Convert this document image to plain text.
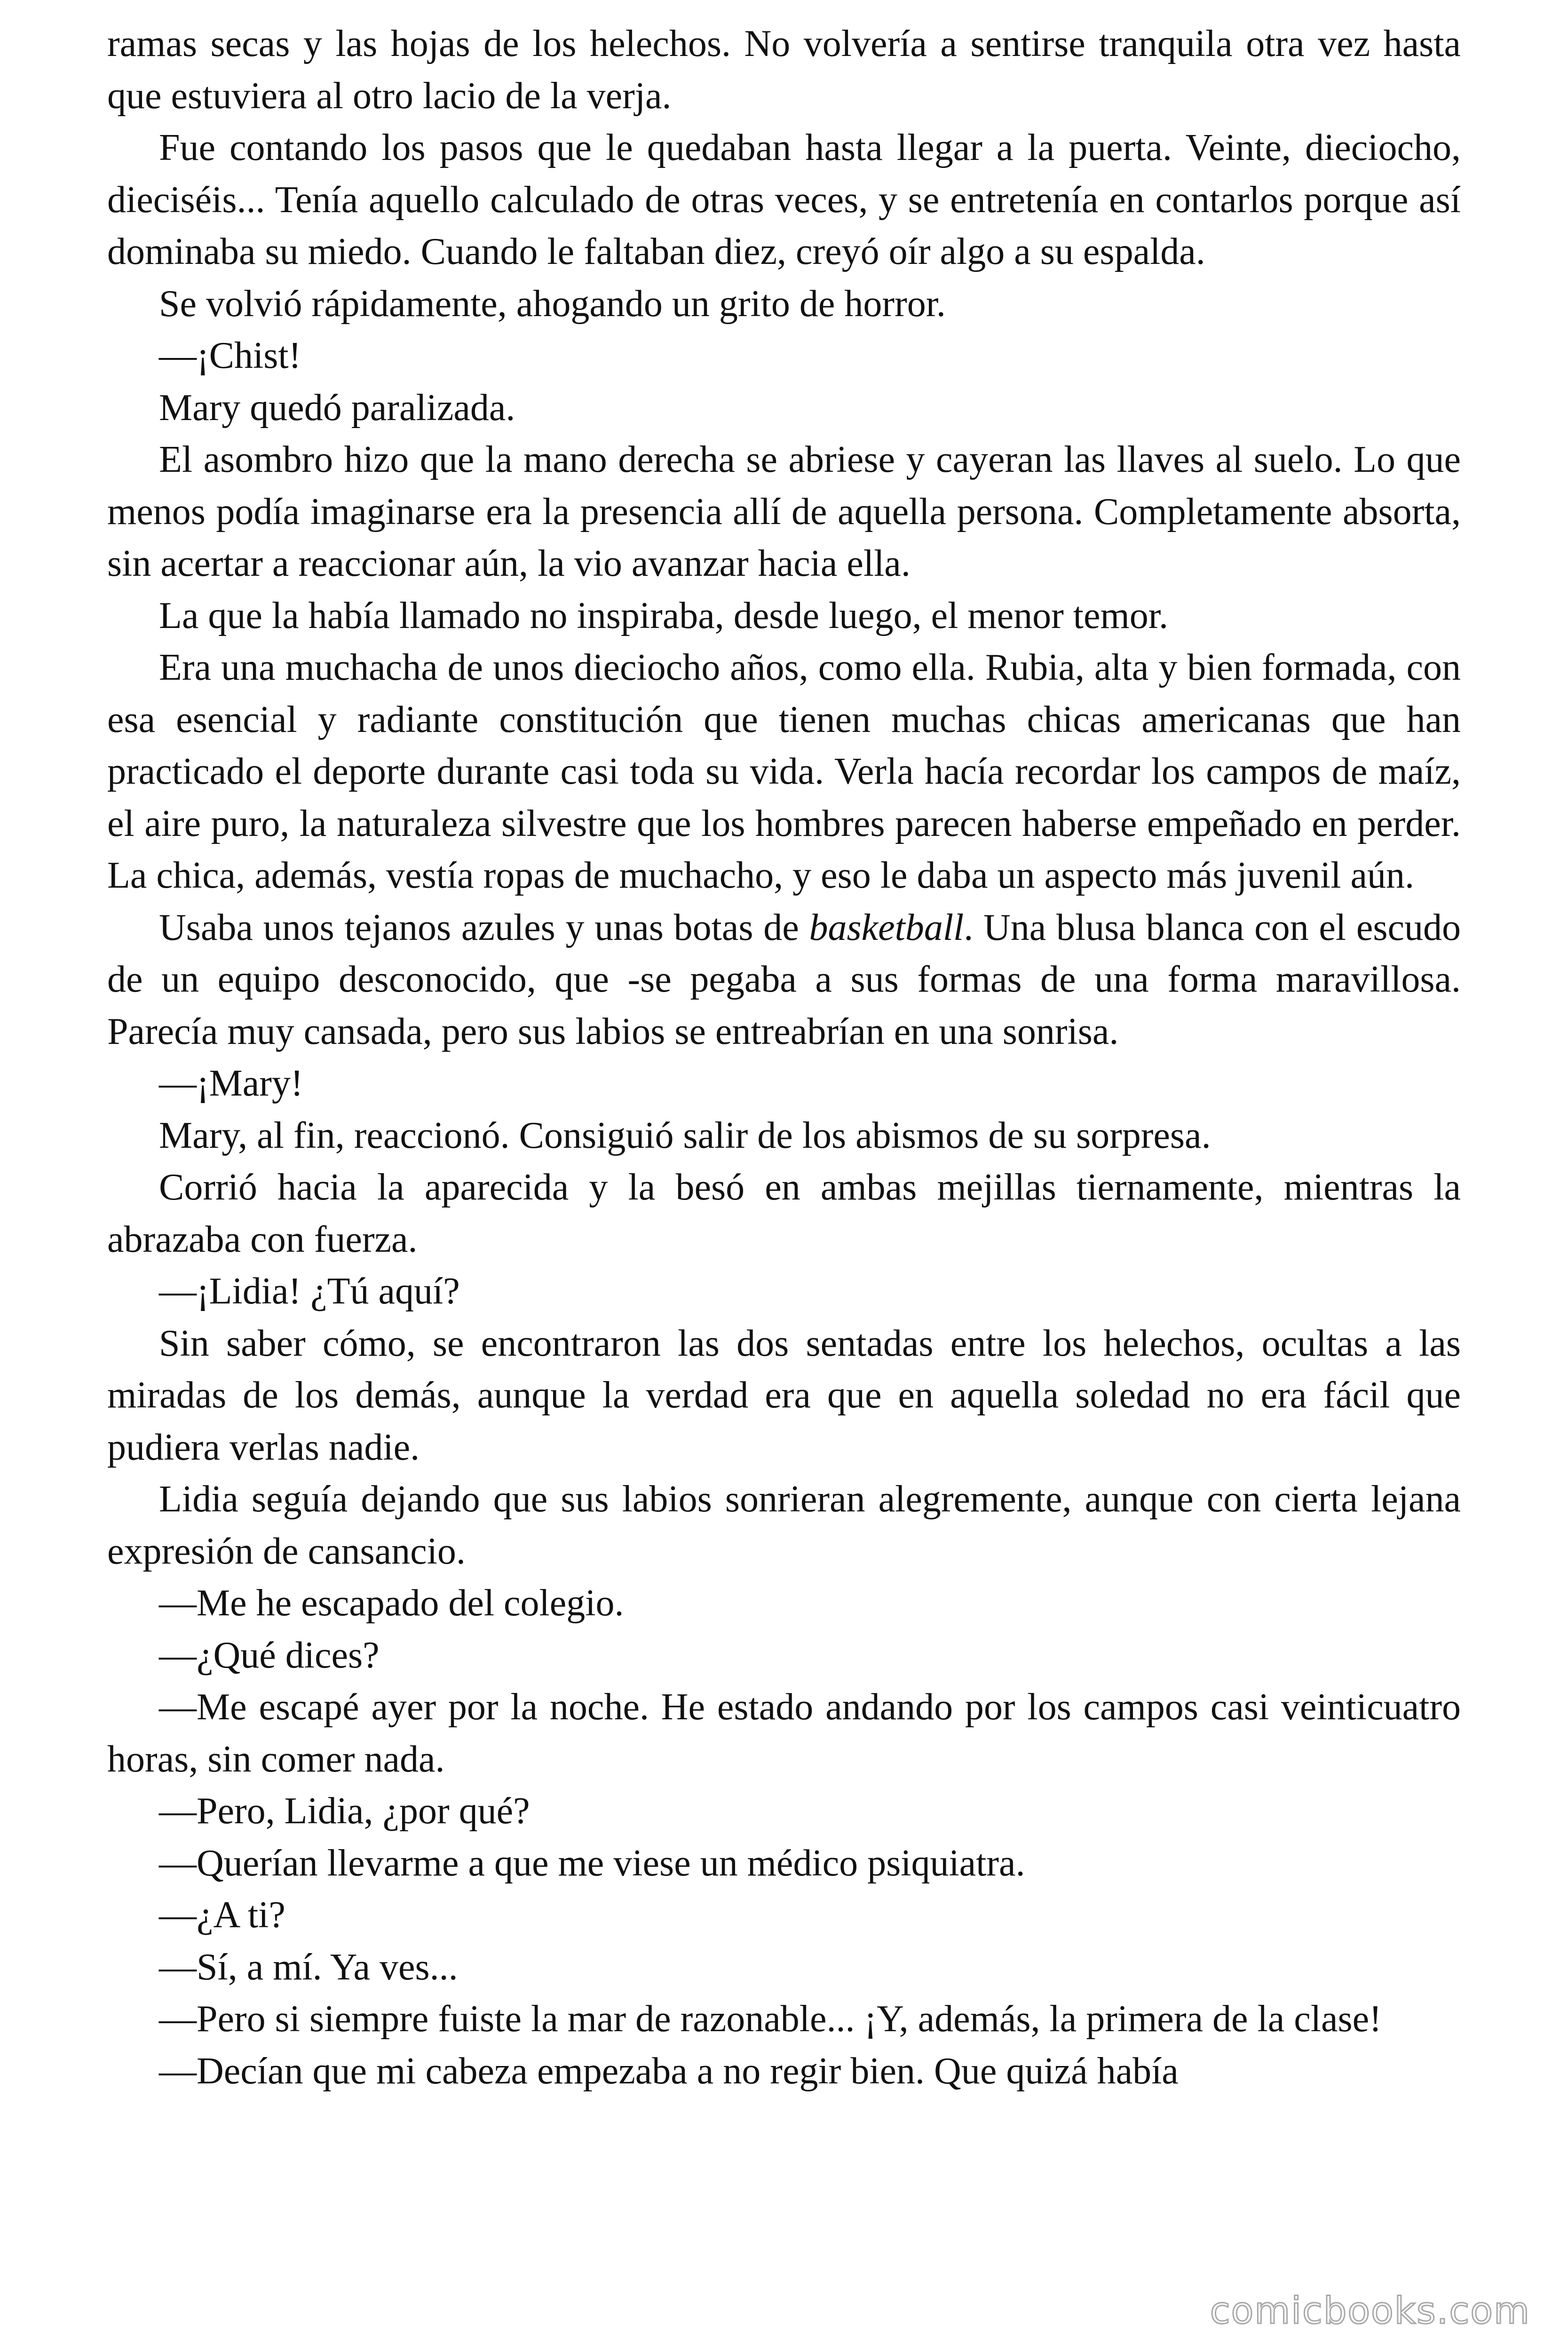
ramas secas y las hojas de los helechos. No volvería a sentirse tranquila otra vez hasta que estuviera al otro lacio de la verja.

Fue contando los pasos que le quedaban hasta llegar a la puerta. Veinte, dieciocho, dieciséis... Tenía aquello calculado de otras veces, y se entretenía en contarlos porque así dominaba su miedo. Cuando le faltaban diez, creyó oír algo a su espalda.

Se volvió rápidamente, ahogando un grito de horror.

—¡Chist!

Mary quedó paralizada.

El asombro hizo que la mano derecha se abriese y cayeran las llaves al suelo. Lo que menos podía imaginarse era la presencia allí de aquella persona. Completamente absorta, sin acertar a reaccionar aún, la vio avanzar hacia ella.

La que la había llamado no inspiraba, desde luego, el menor temor.

Era una muchacha de unos dieciocho años, como ella. Rubia, alta y bien formada, con esa esencial y radiante constitución que tienen muchas chicas americanas que han practicado el deporte durante casi toda su vida. Verla hacía recordar los campos de maíz, el aire puro, la naturaleza silvestre que los hombres parecen haberse empeñado en perder. La chica, además, vestía ropas de muchacho, y eso le daba un aspecto más juvenil aún.

Usaba unos tejanos azules y unas botas de basketball. Una blusa blanca con el escudo de un equipo desconocido, que -se pegaba a sus formas de una forma maravillosa. Parecía muy cansada, pero sus labios se entreabrían en una sonrisa.

—¡Mary!

Mary, al fin, reaccionó. Consiguió salir de los abismos de su sorpresa.

Corrió hacia la aparecida y la besó en ambas mejillas tiernamente, mientras la abrazaba con fuerza.

—¡Lidia! ¿Tú aquí?

Sin saber cómo, se encontraron las dos sentadas entre los helechos, ocultas a las miradas de los demás, aunque la verdad era que en aquella soledad no era fácil que pudiera verlas nadie.

Lidia seguía dejando que sus labios sonrieran alegremente, aunque con cierta lejana expresión de cansancio.

—Me he escapado del colegio.

—¿Qué dices?

—Me escapé ayer por la noche. He estado andando por los campos casi veinticuatro horas, sin comer nada.

—Pero, Lidia, ¿por qué?

—Querían llevarme a que me viese un médico psiquiatra.

—¿A ti?

—Sí, a mí. Ya ves...

—Pero si siempre fuiste la mar de razonable... ¡Y, además, la primera de la clase!

—Decían que mi cabeza empezaba a no regir bien. Que quizá había

comicbooks.com
